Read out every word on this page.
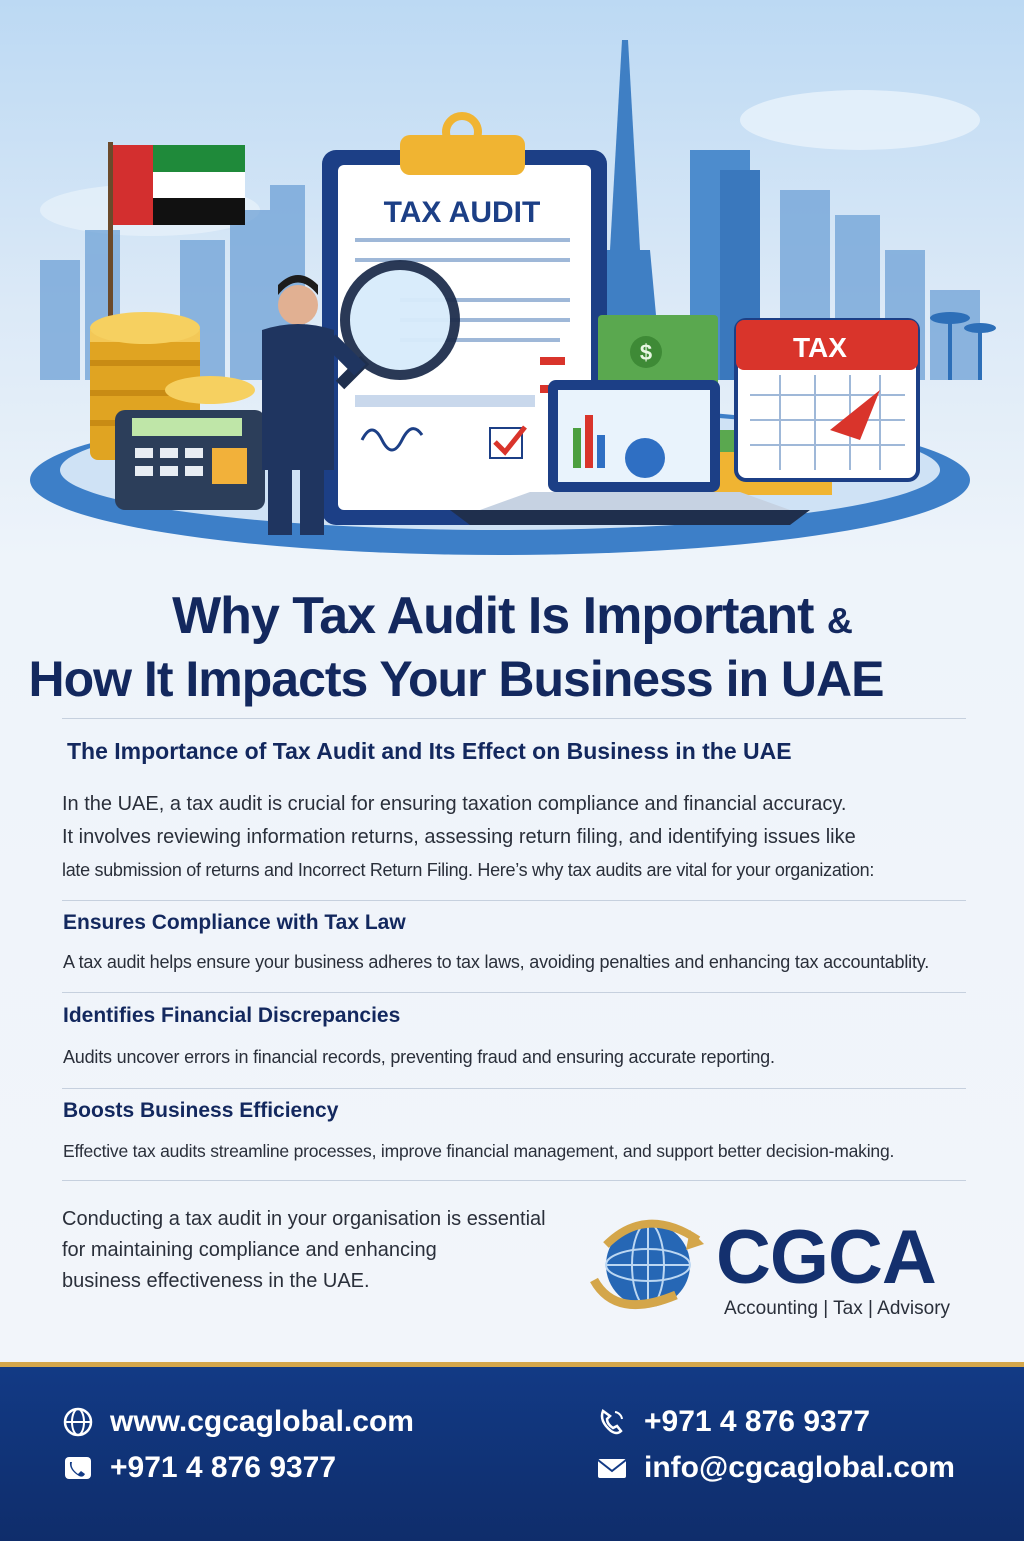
TAX AUDIT
$	TAX
Why Tax Audit Is Important &
How It Impacts Your Business in UAE
The Importance of Tax Audit and Its Effect on Business in the UAE

In the UAE, a tax audit is crucial for ensuring taxation compliance and financial accuracy.
It involves reviewing information returns, assessing return filing, and identifying issues like
late submission of returns and Incorrect Return Filing. Here’s why tax audits are vital for your organization:

Ensures Compliance with Tax Law

A tax audit helps ensure your business adheres to tax laws, avoiding penalties and enhancing tax accountablity.

Identifies Financial Discrepancies

Audits uncover errors in financial records, preventing fraud and ensuring accurate reporting.

Boosts Business Efficiency

Effective tax audits streamline processes, improve financial management, and support better decision-making.

Conducting a tax audit in your organisation is essential
for maintaining compliance and enhancing
business effectiveness in the UAE.	CGCA
Accounting | Tax | Advisory
www.cgcaglobal.com
+971 4 876 9377
+971 4 876 9377
info@cgcaglobal.com
